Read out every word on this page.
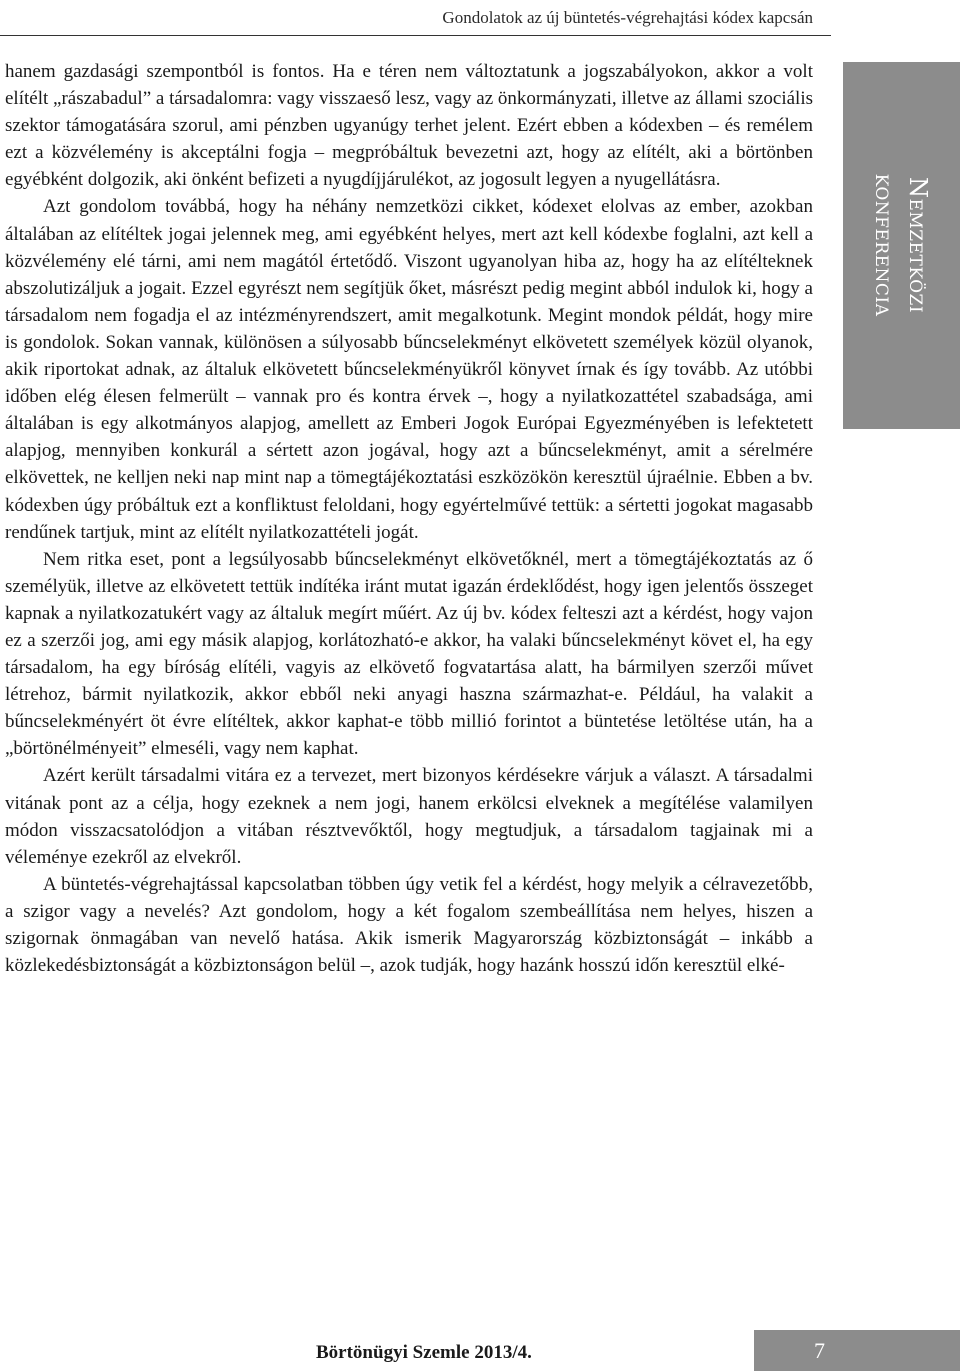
Gondolatok az új büntetés-végrehajtási kódex kapcsán
Nemzetközi
konferencia

hanem gazdasági szempontból is fontos. Ha e téren nem változtatunk a jogszabályokon, akkor a volt elítélt „rászabadul” a társadalomra: vagy visszaeső lesz, vagy az önkormányzati, illetve az állami szociális szektor támogatására szorul, ami pénzben ugyanúgy terhet jelent. Ezért ebben a kódexben – és remélem ezt a közvélemény is akceptálni fogja – megpróbáltuk bevezetni azt, hogy az elítélt, aki a börtönben egyébként dolgozik, aki önként befizeti a nyugdíjjárulékot, az jogosult legyen a nyugellátásra.

Azt gondolom továbbá, hogy ha néhány nemzetközi cikket, kódexet elolvas az ember, azokban általában az elítéltek jogai jelennek meg, ami egyébként helyes, mert azt kell kódexbe foglalni, azt kell a közvélemény elé tárni, ami nem magától értetődő. Viszont ugyanolyan hiba az, hogy ha az elítélteknek abszolutizáljuk a jogait. Ezzel egyrészt nem segítjük őket, másrészt pedig megint abból indulok ki, hogy a társadalom nem fogadja el az intézményrendszert, amit megalkotunk. Megint mondok példát, hogy mire is gondolok. Sokan vannak, különösen a súlyosabb bűncselekményt elkövetett személyek közül olyanok, akik riportokat adnak, az általuk elkövetett bűncselekményükről könyvet írnak és így tovább. Az utóbbi időben elég élesen felmerült – vannak pro és kontra érvek –, hogy a nyilatkozattétel szabadsága, ami általában is egy alkotmányos alapjog, amellett az Emberi Jogok Európai Egyezményében is lefektetett alapjog, mennyiben konkurál a sértett azon jogával, hogy azt a bűncselekményt, amit a sérelmére elkövettek, ne kelljen neki nap mint nap a tömegtájékoztatási eszközökön keresztül újraélnie. Ebben a bv. kódexben úgy próbáltuk ezt a konfliktust feloldani, hogy egyértelművé tettük: a sértetti jogokat magasabb rendűnek tartjuk, mint az elítélt nyilatkozattételi jogát.

Nem ritka eset, pont a legsúlyosabb bűncselekményt elkövetőknél, mert a tömegtájékoztatás az ő személyük, illetve az elkövetett tettük indítéka iránt mutat igazán érdeklődést, hogy igen jelentős összeget kapnak a nyilatkozatukért vagy az általuk megírt műért. Az új bv. kódex felteszi azt a kérdést, hogy vajon ez a szerzői jog, ami egy másik alapjog, korlátozható-e akkor, ha valaki bűncselekményt követ el, ha egy társadalom, ha egy bíróság elítéli, vagyis az elkövető fogvatartása alatt, ha bármilyen szerzői művet létrehoz, bármit nyilatkozik, akkor ebből neki anyagi haszna származhat-e. Például, ha valakit a bűncselekményért öt évre elítéltek, akkor kaphat-e több millió forintot a büntetése letöltése után, ha a „börtönélményeit” elmeséli, vagy nem kaphat.

Azért került társadalmi vitára ez a tervezet, mert bizonyos kérdésekre várjuk a választ. A társadalmi vitának pont az a célja, hogy ezeknek a nem jogi, hanem erkölcsi elveknek a megítélése valamilyen módon visszacsatolódjon a vitában résztvevőktől, hogy megtudjuk, a társadalom tagjainak mi a véleménye ezekről az elvekről.

A büntetés-végrehajtással kapcsolatban többen úgy vetik fel a kérdést, hogy melyik a célravezetőbb, a szigor vagy a nevelés? Azt gondolom, hogy a két fogalom szembeállítása nem helyes, hiszen a szigornak önmagában van nevelő hatása. Akik ismerik Magyarország közbiztonságát – inkább a közlekedésbiztonságát a közbiztonságon belül –, azok tudják, hogy hazánk hosszú időn keresztül elké-

Börtönügyi Szemle 2013/4.	7
